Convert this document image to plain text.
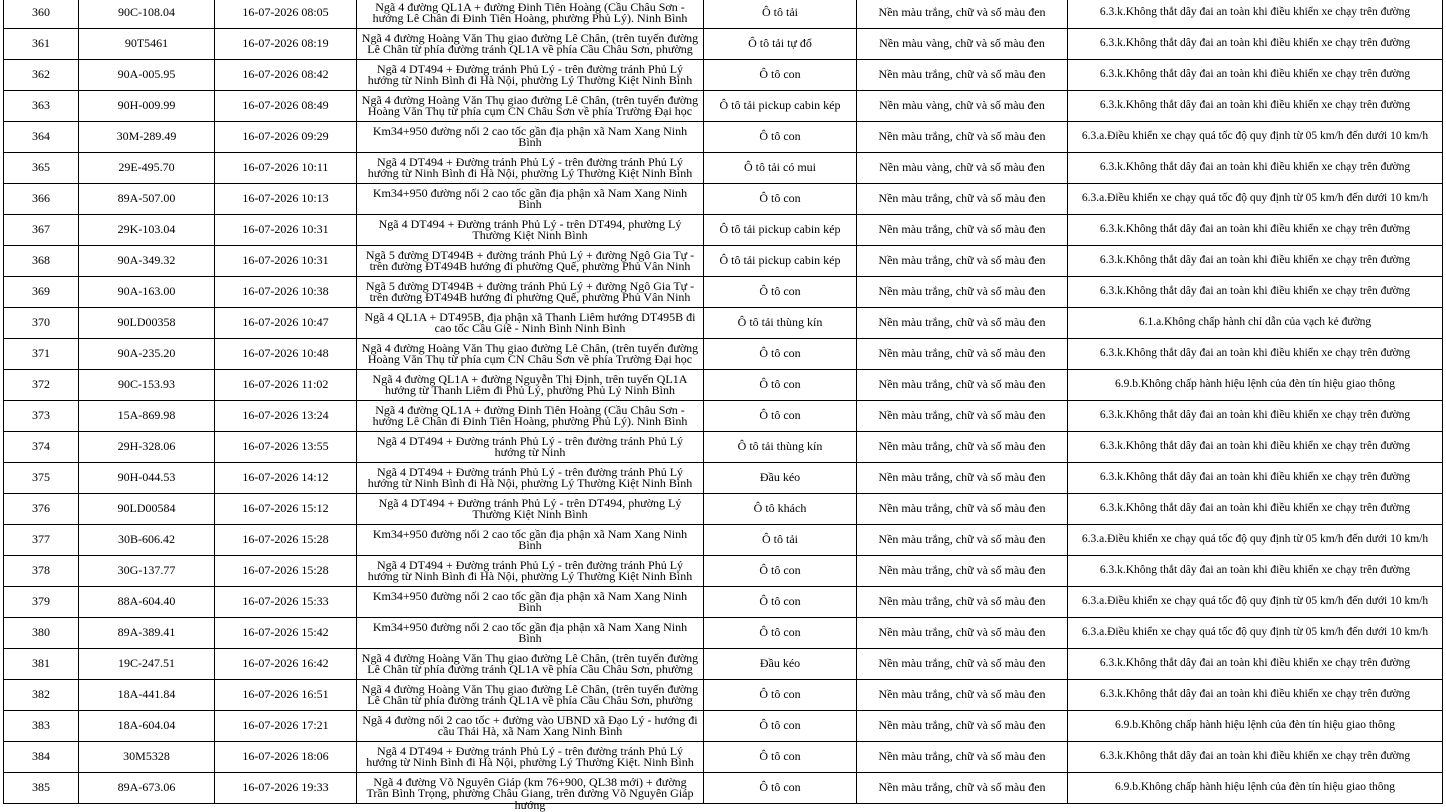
360	90C-108.04	16-07-2026 08:05	Ngã 4 đường QL1A + đường Đinh Tiên Hoàng (Cầu Châu Sơn - hướng Lê Chân đi Đinh Tiên Hoàng, phường Phủ Lý). Ninh Bình	Ô tô tải	Nền màu trắng, chữ và số màu đen	6.3.k.Không thắt dây đai an toàn khi điều khiển xe chạy trên đường
361	90T5461	16-07-2026 08:19	Ngã 4 đường Hoàng Văn Thụ giao đường Lê Chân, (trên tuyến đường Lê Chân từ phía đường tránh QL1A về phía Cầu Châu Sơn, phường	Ô tô tải tự đổ	Nền màu vàng, chữ và số màu đen	6.3.k.Không thắt dây đai an toàn khi điều khiển xe chạy trên đường
362	90A-005.95	16-07-2026 08:42	Ngã 4 DT494 + Đường tránh Phủ Lý - trên đường tránh Phủ Lý hướng từ Ninh Bình đi Hà Nội, phường Lý Thường Kiệt Ninh Bình	Ô tô con	Nền màu trắng, chữ và số màu đen	6.3.k.Không thắt dây đai an toàn khi điều khiển xe chạy trên đường
363	90H-009.99	16-07-2026 08:49	Ngã 4 đường Hoàng Văn Thụ giao đường Lê Chân, (trên tuyến đường Hoàng Văn Thụ từ phía cụm CN Châu Sơn về phía Trường Đại học	Ô tô tải pickup cabin kép	Nền màu vàng, chữ và số màu đen	6.3.k.Không thắt dây đai an toàn khi điều khiển xe chạy trên đường
364	30M-289.49	16-07-2026 09:29	Km34+950 đường nối 2 cao tốc gần địa phận xã Nam Xang Ninh Bình	Ô tô con	Nền màu trắng, chữ và số màu đen	6.3.a.Điều khiển xe chạy quá tốc độ quy định từ 05 km/h đến dưới 10 km/h
365	29E-495.70	16-07-2026 10:11	Ngã 4 DT494 + Đường tránh Phủ Lý - trên đường tránh Phủ Lý hướng từ Ninh Bình đi Hà Nội, phường Lý Thường Kiệt Ninh Bình	Ô tô tải có mui	Nền màu vàng, chữ và số màu đen	6.3.k.Không thắt dây đai an toàn khi điều khiển xe chạy trên đường
366	89A-507.00	16-07-2026 10:13	Km34+950 đường nối 2 cao tốc gần địa phận xã Nam Xang Ninh Bình	Ô tô con	Nền màu trắng, chữ và số màu đen	6.3.a.Điều khiển xe chạy quá tốc độ quy định từ 05 km/h đến dưới 10 km/h
367	29K-103.04	16-07-2026 10:31	Ngã 4 DT494 + Đường tránh Phủ Lý - trên DT494, phường Lý Thường Kiệt Ninh Bình	Ô tô tải pickup cabin kép	Nền màu trắng, chữ và số màu đen	6.3.k.Không thắt dây đai an toàn khi điều khiển xe chạy trên đường
368	90A-349.32	16-07-2026 10:31	Ngã 5 đường DT494B + đường tránh Phủ Lý + đường Ngô Gia Tự - trên đường ĐT494B hướng đi phường Quế, phường Phủ Vân Ninh	Ô tô tải pickup cabin kép	Nền màu trắng, chữ và số màu đen	6.3.k.Không thắt dây đai an toàn khi điều khiển xe chạy trên đường
369	90A-163.00	16-07-2026 10:38	Ngã 5 đường DT494B + đường tránh Phủ Lý + đường Ngô Gia Tự - trên đường ĐT494B hướng đi phường Quế, phường Phủ Vân Ninh	Ô tô con	Nền màu trắng, chữ và số màu đen	6.3.k.Không thắt dây đai an toàn khi điều khiển xe chạy trên đường
370	90LD00358	16-07-2026 10:47	Ngã 4 QL1A + DT495B, địa phận xã Thanh Liêm hướng DT495B đi cao tốc Cầu Giẽ - Ninh Bình Ninh Bình	Ô tô tải thùng kín	Nền màu trắng, chữ và số màu đen	6.1.a.Không chấp hành chỉ dẫn của vạch kẻ đường
371	90A-235.20	16-07-2026 10:48	Ngã 4 đường Hoàng Văn Thụ giao đường Lê Chân, (trên tuyến đường Hoàng Văn Thụ từ phía cụm CN Châu Sơn về phía Trường Đại học	Ô tô con	Nền màu trắng, chữ và số màu đen	6.3.k.Không thắt dây đai an toàn khi điều khiển xe chạy trên đường
372	90C-153.93	16-07-2026 11:02	Ngã 4 đường QL1A + đường Nguyễn Thị Định, trên tuyến QL1A hướng từ Thanh Liêm đi Phủ Lý, phường Phủ Lý Ninh Bình	Ô tô con	Nền màu trắng, chữ và số màu đen	6.9.b.Không chấp hành hiệu lệnh của đèn tín hiệu giao thông
373	15A-869.98	16-07-2026 13:24	Ngã 4 đường QL1A + đường Đinh Tiên Hoàng (Cầu Châu Sơn - hướng Lê Chân đi Đinh Tiên Hoàng, phường Phủ Lý). Ninh Bình	Ô tô con	Nền màu trắng, chữ và số màu đen	6.3.k.Không thắt dây đai an toàn khi điều khiển xe chạy trên đường
374	29H-328.06	16-07-2026 13:55	Ngã 4 DT494 + Đường tránh Phủ Lý - trên đường tránh Phủ Lý hướng từ Ninh	Ô tô tải thùng kín	Nền màu trắng, chữ và số màu đen	6.3.k.Không thắt dây đai an toàn khi điều khiển xe chạy trên đường
375	90H-044.53	16-07-2026 14:12	Ngã 4 DT494 + Đường tránh Phủ Lý - trên đường tránh Phủ Lý hướng từ Ninh Bình đi Hà Nội, phường Lý Thường Kiệt Ninh Bình	Đầu kéo	Nền màu trắng, chữ và số màu đen	6.3.k.Không thắt dây đai an toàn khi điều khiển xe chạy trên đường
376	90LD00584	16-07-2026 15:12	Ngã 4 DT494 + Đường tránh Phủ Lý - trên DT494, phường Lý Thường Kiệt Ninh Bình	Ô tô khách	Nền màu trắng, chữ và số màu đen	6.3.k.Không thắt dây đai an toàn khi điều khiển xe chạy trên đường
377	30B-606.42	16-07-2026 15:28	Km34+950 đường nối 2 cao tốc gần địa phận xã Nam Xang Ninh Bình	Ô tô tải	Nền màu trắng, chữ và số màu đen	6.3.a.Điều khiển xe chạy quá tốc độ quy định từ 05 km/h đến dưới 10 km/h
378	30G-137.77	16-07-2026 15:28	Ngã 4 DT494 + Đường tránh Phủ Lý - trên đường tránh Phủ Lý hướng từ Ninh Bình đi Hà Nội, phường Lý Thường Kiệt Ninh Bình	Ô tô con	Nền màu trắng, chữ và số màu đen	6.3.k.Không thắt dây đai an toàn khi điều khiển xe chạy trên đường
379	88A-604.40	16-07-2026 15:33	Km34+950 đường nối 2 cao tốc gần địa phận xã Nam Xang Ninh Bình	Ô tô con	Nền màu trắng, chữ và số màu đen	6.3.a.Điều khiển xe chạy quá tốc độ quy định từ 05 km/h đến dưới 10 km/h
380	89A-389.41	16-07-2026 15:42	Km34+950 đường nối 2 cao tốc gần địa phận xã Nam Xang Ninh Bình	Ô tô con	Nền màu trắng, chữ và số màu đen	6.3.a.Điều khiển xe chạy quá tốc độ quy định từ 05 km/h đến dưới 10 km/h
381	19C-247.51	16-07-2026 16:42	Ngã 4 đường Hoàng Văn Thụ giao đường Lê Chân, (trên tuyến đường Lê Chân từ phía đường tránh QL1A về phía Cầu Châu Sơn, phường	Đầu kéo	Nền màu trắng, chữ và số màu đen	6.3.k.Không thắt dây đai an toàn khi điều khiển xe chạy trên đường
382	18A-441.84	16-07-2026 16:51	Ngã 4 đường Hoàng Văn Thụ giao đường Lê Chân, (trên tuyến đường Lê Chân từ phía đường tránh QL1A về phía Cầu Châu Sơn, phường	Ô tô con	Nền màu trắng, chữ và số màu đen	6.3.k.Không thắt dây đai an toàn khi điều khiển xe chạy trên đường
383	18A-604.04	16-07-2026 17:21	Ngã 4 đường nối 2 cao tốc + đường vào UBND xã Đạo Lý - hướng đi cầu Thái Hà, xã Nam Xang Ninh Bình	Ô tô con	Nền màu trắng, chữ và số màu đen	6.9.b.Không chấp hành hiệu lệnh của đèn tín hiệu giao thông
384	30M5328	16-07-2026 18:06	Ngã 4 DT494 + Đường tránh Phủ Lý - trên đường tránh Phủ Lý hướng từ Ninh Bình đi Hà Nội, phường Lý Thường Kiệt. Ninh Bình	Ô tô con	Nền màu trắng, chữ và số màu đen	6.3.k.Không thắt dây đai an toàn khi điều khiển xe chạy trên đường
385	89A-673.06	16-07-2026 19:33	Ngã 4 đường Võ Nguyên Giáp (km 76+900, QL38 mới) + đường Trần Bình Trọng, phường Châu Giang, trên đường Võ Nguyên Giáp hướng	Ô tô con	Nền màu trắng, chữ và số màu đen	6.9.b.Không chấp hành hiệu lệnh của đèn tín hiệu giao thông
